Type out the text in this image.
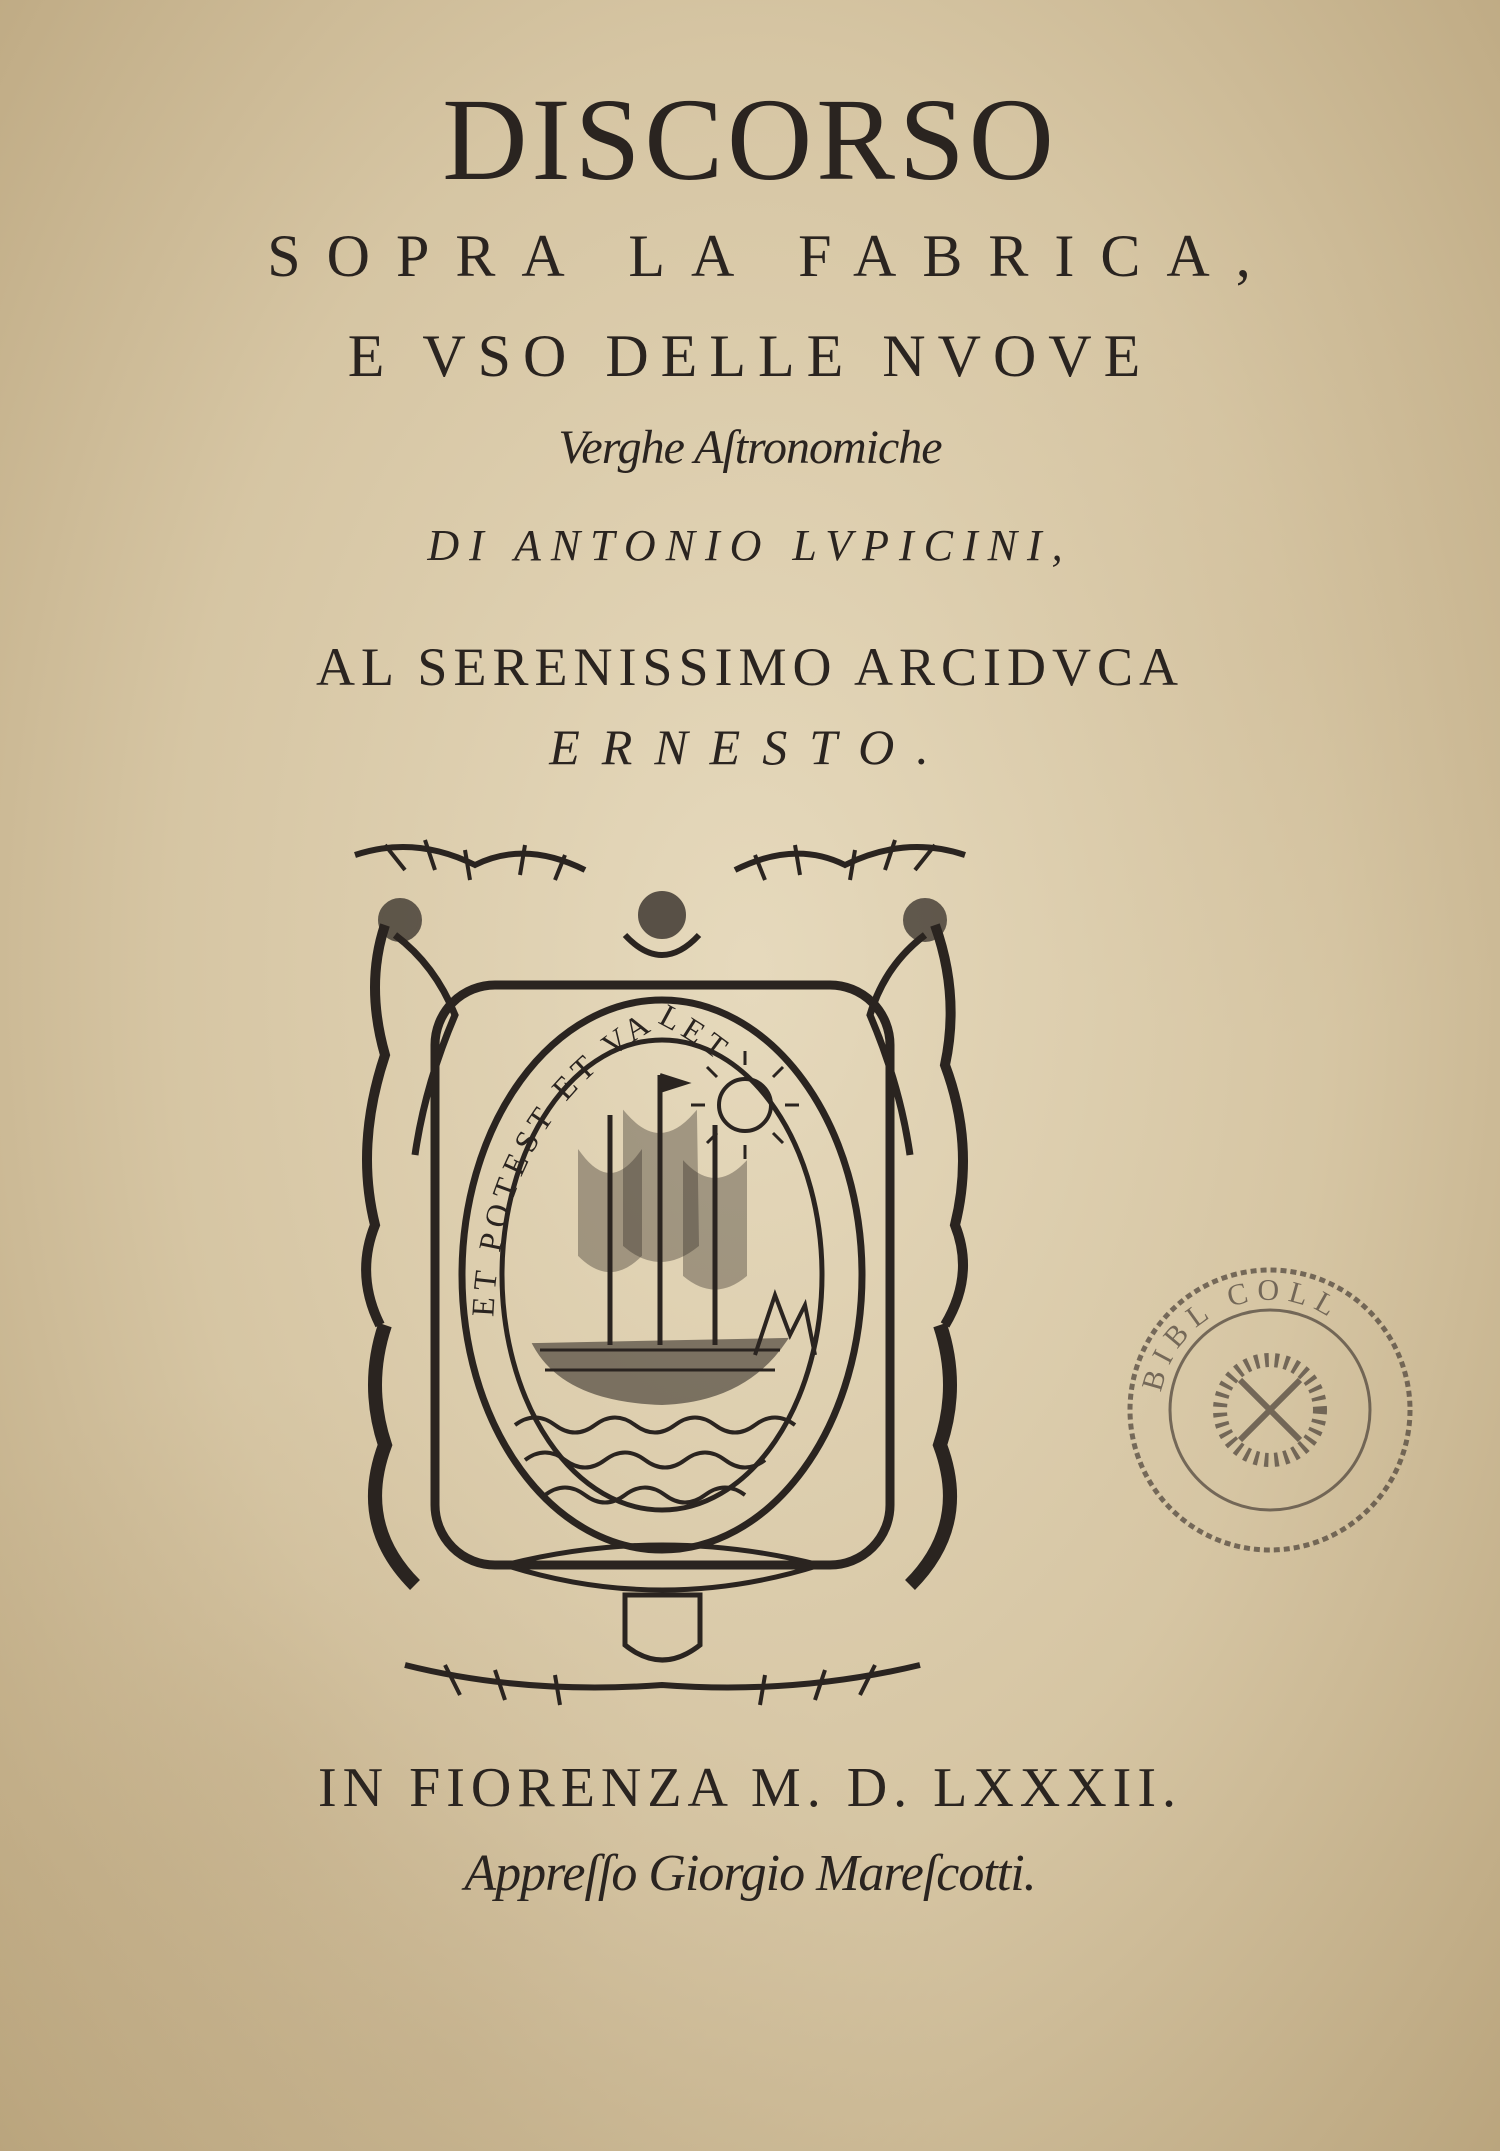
DISCORSO
SOPRA LA FABRICA,
E VSO DELLE NVOVE
Verghe Aſtronomiche
DI ANTONIO LVPICINI,
AL SERENISSIMO ARCIDVCA
ERNESTO.
ET POTEST ET VALET
IN FIORENZA M. D. LXXXII.
Appreſſo Giorgio Mareſcotti.
BIBL COLL
